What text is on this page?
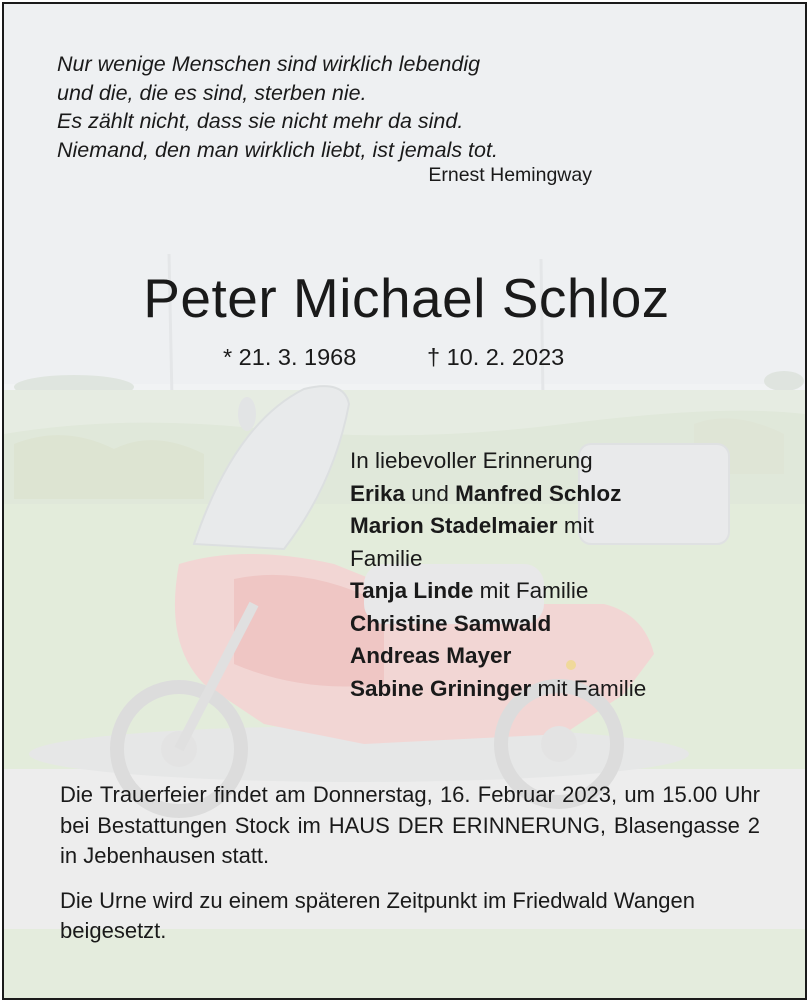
Nur wenige Menschen sind wirklich lebendig
und die, die es sind, sterben nie.
Es zählt nicht, dass sie nicht mehr da sind.
Niemand, den man wirklich liebt, ist jemals tot.
Ernest Hemingway
Peter Michael Schloz
* 21. 3. 1968	† 10. 2. 2023
In liebevoller Erinnerung
Erika und Manfred Schloz
Marion Stadelmaier mit
Familie
Tanja Linde mit Familie
Christine Samwald
Andreas Mayer
Sabine Grininger mit Familie

Die Trauerfeier findet am Donnerstag, 16. Februar 2023, um 15.00 Uhr bei Bestattungen Stock im HAUS DER ERINNERUNG, Blasengasse 2 in Jebenhausen statt.

Die Urne wird zu einem späteren Zeitpunkt im Friedwald Wangen beigesetzt.
